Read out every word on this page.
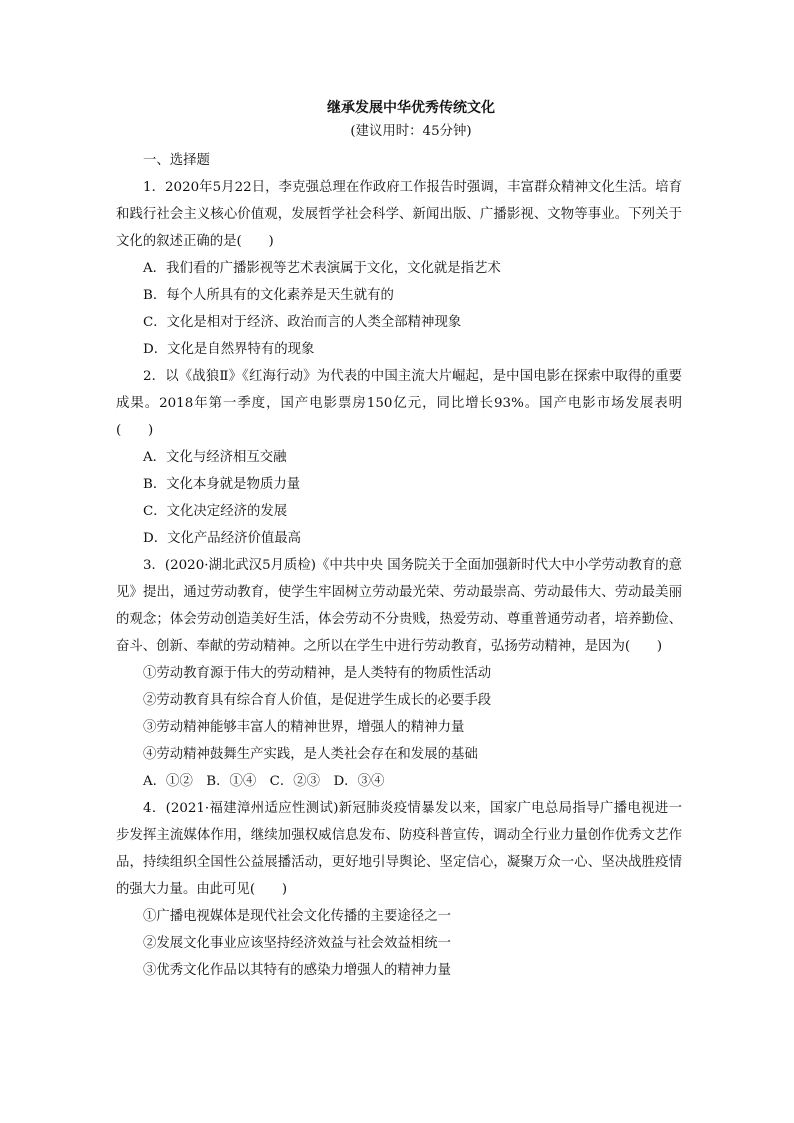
继承发展中华优秀传统文化
(建议用时：45分钟)
一、选择题
1．2020年5月22日，李克强总理在作政府工作报告时强调，丰富群众精神文化生活。培育和践行社会主义核心价值观，发展哲学社会科学、新闻出版、广播影视、文物等事业。下列关于文化的叙述正确的是(　　)
A．我们看的广播影视等艺术表演属于文化，文化就是指艺术
B．每个人所具有的文化素养是天生就有的
C．文化是相对于经济、政治而言的人类全部精神现象
D．文化是自然界特有的现象
2．以《战狼Ⅱ》《红海行动》为代表的中国主流大片崛起，是中国电影在探索中取得的重要成果。2018年第一季度，国产电影票房150亿元，同比增长93%。国产电影市场发展表明(　　)
A．文化与经济相互交融
B．文化本身就是物质力量
C．文化决定经济的发展
D．文化产品经济价值最高
3．(2020·湖北武汉5月质检)《中共中央 国务院关于全面加强新时代大中小学劳动教育的意见》提出，通过劳动教育，使学生牢固树立劳动最光荣、劳动最崇高、劳动最伟大、劳动最美丽的观念；体会劳动创造美好生活，体会劳动不分贵贱，热爱劳动、尊重普通劳动者，培养勤俭、奋斗、创新、奉献的劳动精神。之所以在学生中进行劳动教育，弘扬劳动精神，是因为(　　)
①劳动教育源于伟大的劳动精神，是人类特有的物质性活动
②劳动教育具有综合育人价值，是促进学生成长的必要手段
③劳动精神能够丰富人的精神世界，增强人的精神力量
④劳动精神鼓舞生产实践，是人类社会存在和发展的基础
A．①②　B．①④　C．②③　D．③④
4．(2021·福建漳州适应性测试)新冠肺炎疫情暴发以来，国家广电总局指导广播电视进一步发挥主流媒体作用，继续加强权威信息发布、防疫科普宣传，调动全行业力量创作优秀文艺作品，持续组织全国性公益展播活动，更好地引导舆论、坚定信心，凝聚万众一心、坚决战胜疫情的强大力量。由此可见(　　)
①广播电视媒体是现代社会文化传播的主要途径之一
②发展文化事业应该坚持经济效益与社会效益相统一
③优秀文化作品以其特有的感染力增强人的精神力量
